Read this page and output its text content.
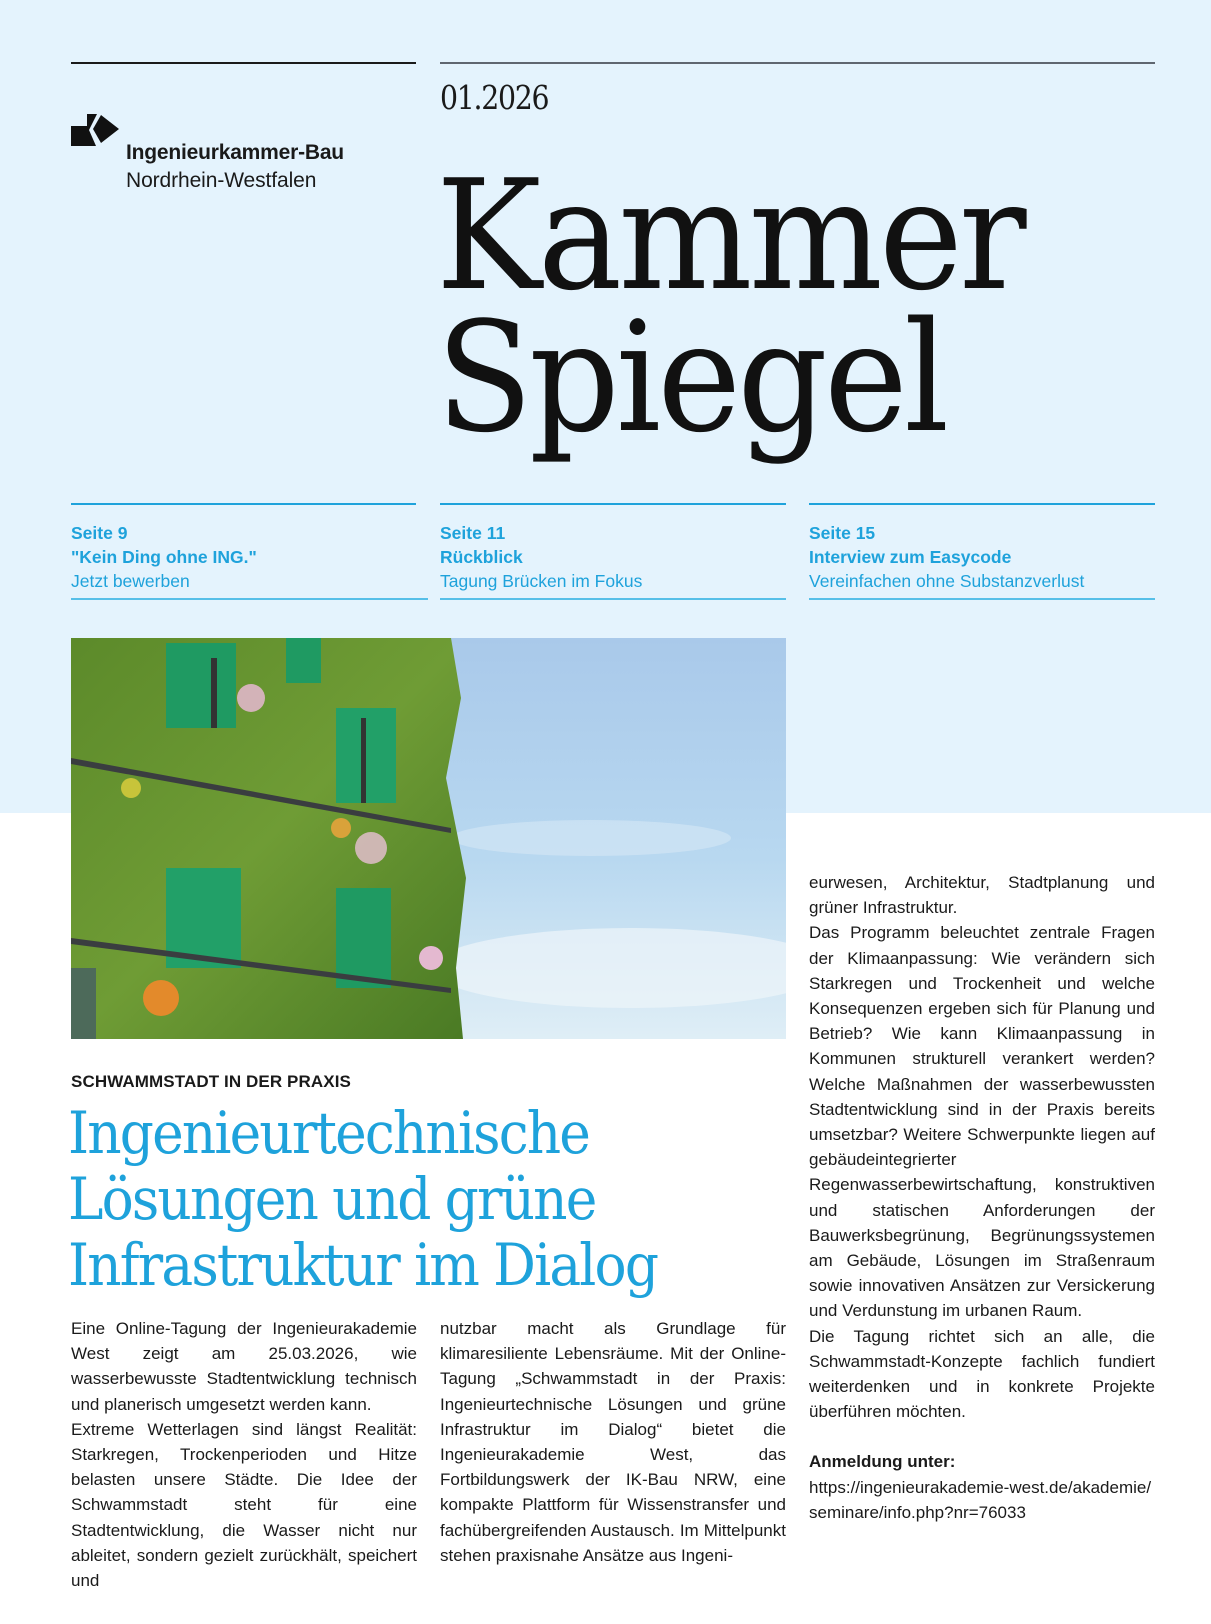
Ingenieurkammer-Bau
Nordrhein-Westfalen
01.2026
Kammer
Spiegel
Seite 9
"Kein Ding ohne ING."
Jetzt bewerben
Seite 11
Rückblick
Tagung Brücken im Fokus
Seite 15
Interview zum Easycode
Vereinfachen ohne Substanzverlust
SCHWAMMSTADT IN DER PRAXIS
Ingenieurtechnische
Lösungen und grüne
Infrastruktur im Dialog

Eine Online-Tagung der Ingenieurakademie West zeigt am 25.03.2026, wie wasserbewusste Stadtentwicklung technisch und planerisch umgesetzt werden kann.

Extreme Wetterlagen sind längst Realität: Starkregen, Trockenperioden und Hitze belasten unsere Städte. Die Idee der Schwammstadt steht für eine Stadtentwicklung, die Wasser nicht nur ableitet, sondern gezielt zurückhält, speichert und

nutzbar macht als Grundlage für klimaresiliente Lebensräume. Mit der Online-Tagung „Schwammstadt in der Praxis: Ingenieurtechnische Lösungen und grüne Infrastruktur im Dialog“ bietet die Ingenieurakademie West, das Fortbildungswerk der IK-Bau NRW, eine kompakte Plattform für Wissenstransfer und fachübergreifenden Austausch. Im Mittelpunkt stehen praxisnahe Ansätze aus Ingeni-

eurwesen, Architektur, Stadtplanung und grüner Infrastruktur.

Das Programm beleuchtet zentrale Fragen der Klimaanpassung: Wie verändern sich Starkregen und Trockenheit und welche Konsequenzen ergeben sich für Planung und Betrieb? Wie kann Klimaanpassung in Kommunen strukturell verankert werden? Welche Maßnahmen der wasserbewussten Stadtentwicklung sind in der Praxis bereits umsetzbar? Weitere Schwerpunkte liegen auf gebäudeintegrierter Regenwasserbewirtschaftung, konstruktiven und statischen Anforderungen der Bauwerksbegrünung, Begrünungssystemen am Gebäude, Lösungen im Straßenraum sowie innovativen Ansätzen zur Versickerung und Verdunstung im urbanen Raum.

Die Tagung richtet sich an alle, die Schwammstadt-Konzepte fachlich fundiert weiterdenken und in konkrete Projekte überführen möchten.

Anmeldung unter:

https://ingenieurakademie-west.de/akademie/seminare/info.php?nr=76033
